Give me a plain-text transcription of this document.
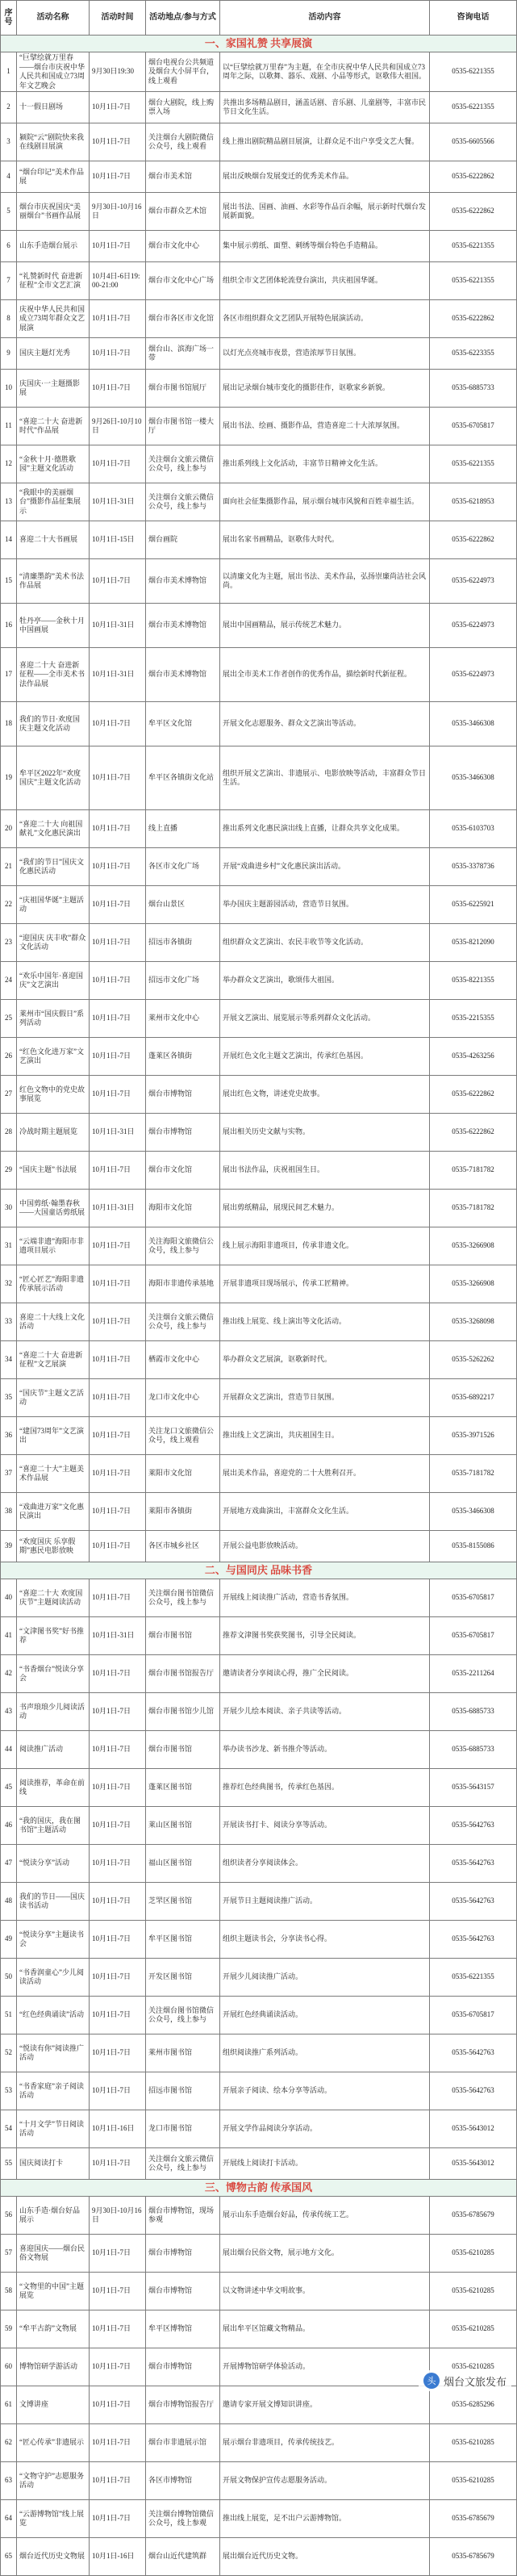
序号	活动名称	活动时间	活动地点/参与方式	活动内容	咨询电话
一、家国礼赞 共享展演					
1	“巨擘绘就万里春——烟台市庆祝中华人民共和国成立73周年文艺晚会	9月30日19:30	烟台电视台公共频道及烟台大小屏平台，线上观看	以“巨擘绘就万里春”为主题，在全市庆祝中华人民共和国成立73周年之际，以歌舞、器乐、戏剧、小品等形式，讴歌伟大祖国。	0535-6221355
2	十一假日剧场	10月1日-7日	烟台大剧院，线上购票入场	共推出多场精品剧目，涵盖话剧、音乐剧、儿童剧等，丰富市民节日文化生活。	0535-6221355
3	颍院“云”剧院快来我在线剧目展演	10月1日-7日	关注烟台大剧院微信公众号，线上观看	线上推出剧院精品剧目展演，让群众足不出户享受文艺大餐。	0535-6605566
4	“烟台印记”美术作品展	10月1日-7日	烟台市美术馆	展出反映烟台发展变迁的优秀美术作品。	0535-6222862
5	烟台市庆祝国庆“美丽烟台”书画作品展	9月30日-10月16日	烟台市群众艺术馆	展出书法、国画、油画、水彩等作品百余幅，展示新时代烟台发展新面貌。	0535-6222862
6	山东手造烟台展示	10月1日-7日	烟台市文化中心	集中展示剪纸、面塑、刺绣等烟台特色手造精品。	0535-6221355
7	“礼赞新时代 奋进新征程”全市文艺汇演	10月4日-6日19:00-21:00	烟台市文化中心广场	组织全市文艺团体轮流登台演出，共庆祖国华诞。	0535-6221355
8	庆祝中华人民共和国成立73周年群众文艺展演	10月1日-7日	烟台市各区市文化馆	各区市组织群众文艺团队开展特色展演活动。	0535-6222862
9	国庆主题灯光秀	10月1日-7日	烟台山、滨海广场一带	以灯光点亮城市夜景，营造浓厚节日氛围。	0535-6223355
10	庆国庆·一主题摄影展	10月1日-7日	烟台市图书馆展厅	展出记录烟台城市变化的摄影佳作，讴歌家乡新貌。	0535-6885733
11	“喜迎二十大 奋进新时代”作品展	9月26日-10月10日	烟台市图书馆一楼大厅	展出书法、绘画、摄影作品，营造喜迎二十大浓厚氛围。	0535-6705817
12	“金秋十月·德胜歌园”主题文化活动	10月1日-7日	关注烟台文旅云微信公众号，线上参与	推出系列线上文化活动，丰富节日精神文化生活。	0535-6221355
13	“我眼中的美丽烟台”摄影作品征集展示	10月1日-31日	关注烟台文旅云微信公众号，线上参与	面向社会征集摄影作品，展示烟台城市风貌和百姓幸福生活。	0535-6218953
14	喜迎二十大书画展	10月1日-15日	烟台画院	展出名家书画精品，讴歌伟大时代。	0535-6222862
15	“清廉墨韵”美术书法作品展	10月1日-7日	烟台市美术博物馆	以清廉文化为主题，展出书法、美术作品，弘扬崇廉尚洁社会风尚。	0535-6224973
16	牡丹亭——金秋十月中国画展	10月1日-31日	烟台市美术博物馆	展出中国画精品，展示传统艺术魅力。	0535-6224973
17	喜迎二十大 奋进新征程——全市美术书法作品展	10月1日-31日	烟台市美术博物馆	展出全市美术工作者创作的优秀作品，描绘新时代新征程。	0535-6224973
18	我们的节日·欢度国庆主题文化活动	10月1日-7日	牟平区文化馆	开展文化志愿服务、群众文艺演出等活动。	0535-3466308
19	牟平区2022年“欢度国庆”主题文化活动	10月1日-7日	牟平区各镇街文化站	组织开展文艺演出、非遗展示、电影放映等活动，丰富群众节日生活。	0535-3466308
20	“喜迎二十大 向祖国献礼”文化惠民演出	10月1日-7日	线上直播	推出系列文化惠民演出线上直播，让群众共享文化成果。	0535-6103703
21	“我们的节日”国庆文化惠民活动	10月1日-7日	各区市文化广场	开展“戏曲进乡村”文化惠民演出活动。	0535-3378736
22	“庆祖国华诞”主题活动	10月1日-7日	烟台山景区	举办国庆主题游园活动，营造节日氛围。	0535-6225921
23	“迎国庆 庆丰收”群众文化活动	10月1日-7日	招远市各镇街	组织群众文艺演出、农民丰收节等文化活动。	0535-8212090
24	“欢乐中国年·喜迎国庆”文艺演出	10月1日-7日	招远市文化广场	举办群众文艺演出，歌颂伟大祖国。	0535-8221355
25	莱州市“国庆假日”系列活动	10月1日-7日	莱州市文化中心	开展文艺演出、展览展示等系列群众文化活动。	0535-2215355
26	“红色文化进万家”文艺演出	10月1日-7日	蓬莱区各镇街	开展红色文化主题文艺演出，传承红色基因。	0535-4263256
27	红色文物中的党史故事展览	10月1日-7日	烟台市博物馆	展出红色文物，讲述党史故事。	0535-6222862
28	冷战时期主题展览	10月1日-31日	烟台市博物馆	展出相关历史文献与实物。	0535-6222862
29	“国庆主题”书法展	10月1日-7日	烟台市文化馆	展出书法作品，庆祝祖国生日。	0535-7181782
30	中国剪纸·翰墨春秋——大国童话剪纸展	10月1日-31日	海阳市文化馆	展出剪纸精品，展现民间艺术魅力。	0535-7181782
31	“云端非遗”海阳市非遗项目展示	10月1日-7日	关注海阳文旅微信公众号，线上参与	线上展示海阳非遗项目，传承非遗文化。	0535-3266908
32	“匠心匠艺”海阳非遗传承展示活动	10月1日-7日	海阳市非遗传承基地	开展非遗项目现场展示，传承工匠精神。	0535-3266908
33	喜迎二十大线上文化活动	10月1日-7日	关注烟台文旅云微信公众号，线上参与	推出线上展览、线上演出等文化活动。	0535-3268098
34	“喜迎二十大 奋进新征程”文艺展演	10月1日-7日	栖霞市文化中心	举办群众文艺展演，讴歌新时代。	0535-5262262
35	“国庆节”主题文艺活动	10月1日-7日	龙口市文化中心	开展群众文艺演出，营造节日氛围。	0535-6892217
36	“建国73周年”文艺演出	10月1日-7日	关注龙口文旅微信公众号，线上观看	推出线上文艺演出，共庆祖国生日。	0535-3971526
37	“喜迎二十大”主题美术作品展	10月1日-7日	莱阳市文化馆	展出美术作品，喜迎党的二十大胜利召开。	0535-7181782
38	“戏曲进万家”文化惠民演出	10月1日-7日	莱阳市各镇街	开展地方戏曲演出，丰富群众文化生活。	0535-3466308
39	“欢度国庆 乐享假期”惠民电影放映	10月1日-7日	各区市城乡社区	开展公益电影放映活动。	0535-8155086
二、与国同庆 品味书香					
40	“喜迎二十大 欢度国庆节”主题阅读活动	10月1日-7日	关注烟台图书馆微信公众号，线上参与	开展线上阅读推广活动，营造书香氛围。	0535-6705817
41	“文津图书奖”好书推荐	10月1日-31日	烟台市图书馆	推荐文津图书奖获奖图书，引导全民阅读。	0535-6705817
42	“书香烟台”悦读分享会	10月1日-7日	烟台市图书馆报告厅	邀请读者分享阅读心得，推广全民阅读。	0535-2211264
43	书声琅琅少儿阅读活动	10月1日-7日	烟台市图书馆少儿馆	开展少儿绘本阅读、亲子共读等活动。	0535-6885733
44	阅读推广活动	10月1日-7日	烟台市图书馆	举办读书沙龙、新书推介等活动。	0535-6885733
45	阅读推荐，革命在前线	10月1日-7日	蓬莱区图书馆	推荐红色经典图书，传承红色基因。	0535-5643157
46	“我的国庆，我在图书馆”主题活动	10月1日-7日	莱山区图书馆	开展读书打卡、阅读分享等活动。	0535-5642763
47	“悦读分享”活动	10月1日-7日	福山区图书馆	组织读者分享阅读体会。	0535-5642763
48	我们的节日——国庆读书活动	10月1日-7日	芝罘区图书馆	开展节日主题阅读推广活动。	0535-5642763
49	“悦读分享”主题读书会	10月1日-7日	牟平区图书馆	组织主题读书会，分享读书心得。	0535-5642763
50	“书香润童心”少儿阅读活动	10月1日-7日	开发区图书馆	开展少儿阅读推广活动。	0535-6221355
51	“红色经典诵读”活动	10月1日-7日	关注烟台图书馆微信公众号，线上参与	开展红色经典诵读活动。	0535-6705817
52	“悦读有你”阅读推广活动	10月1日-7日	莱州市图书馆	组织阅读推广系列活动。	0535-5642763
53	“书香家庭”亲子阅读活动	10月1日-7日	招远市图书馆	开展亲子阅读、绘本分享等活动。	0535-5642763
54	“十月文学”节日阅读活动	10月1日-16日	龙口市图书馆	开展文学作品阅读分享活动。	0535-5643012
55	国庆阅读打卡	10月1日-7日	关注烟台文旅云微信公众号，线上参与	开展线上阅读打卡活动。	0535-5643012
三、博物古韵 传承国风					
56	山东手造·烟台好品展示	9月30日-10月16日	烟台市博物馆，现场参观	展示山东手造烟台好品，传承传统工艺。	0535-6785679
57	喜迎国庆——烟台民俗文物展	10月1日-7日	烟台市博物馆	展出烟台民俗文物，展示地方文化。	0535-6210285
58	“文物里的中国”主题展览	10月1日-7日	烟台市博物馆	以文物讲述中华文明故事。	0535-6210285
59	“牟平古韵”文物展	10月1日-7日	牟平区博物馆	展出牟平区馆藏文物精品。	0535-6210285
60	博物馆研学游活动	10月1日-7日	烟台市博物馆	开展博物馆研学体验活动。	0535-6210285
61	文博讲座	10月1日-7日	烟台市博物馆报告厅	邀请专家开展文博知识讲座。	0535-6285296
62	“匠心传承”非遗展示	10月1日-7日	烟台市非遗展示馆	展示烟台非遗项目，传承传统技艺。	0535-6210285
63	“文物守护”志愿服务活动	10月1日-7日	各区市博物馆	开展文物保护宣传志愿服务活动。	0535-6210285
64	“云游博物馆”线上展览	10月1日-7日	关注烟台博物馆微信公众号，线上参观	推出线上展览，足不出户云游博物馆。	0535-6785679
65	烟台近代历史文物展	10月1日-16日	烟台山近代建筑群	展出烟台近代历史文物。	0535-6785679
头 烟台文旅发布
